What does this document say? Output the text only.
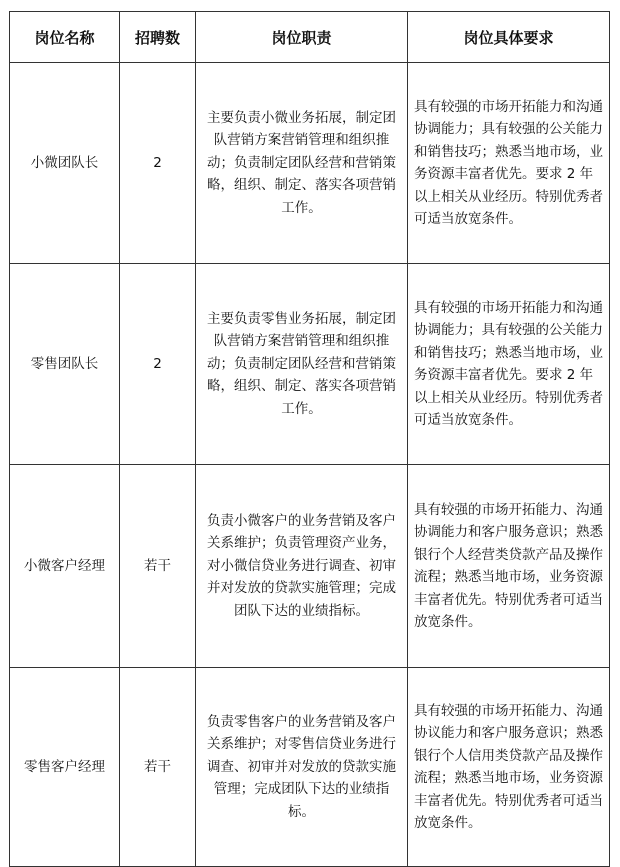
岗位名称	招聘数	岗位职责	岗位具体要求
小微团队长	2	主要负责小微业务拓展，制定团队营销方案营销管理和组织推动；负责制定团队经营和营销策略，组织、制定、落实各项营销工作。	具有较强的市场开拓能力和沟通协调能力；具有较强的公关能力和销售技巧；熟悉当地市场，业务资源丰富者优先。要求 2 年以上相关从业经历。特别优秀者可适当放宽条件。
零售团队长	2	主要负责零售业务拓展，制定团队营销方案营销管理和组织推动；负责制定团队经营和营销策略，组织、制定、落实各项营销工作。	具有较强的市场开拓能力和沟通协调能力；具有较强的公关能力和销售技巧；熟悉当地市场，业务资源丰富者优先。要求 2 年以上相关从业经历。特别优秀者可适当放宽条件。
小微客户经理	若干	负责小微客户的业务营销及客户关系维护；负责管理资产业务，对小微信贷业务进行调查、初审并对发放的贷款实施管理；完成团队下达的业绩指标。	具有较强的市场开拓能力、沟通协调能力和客户服务意识；熟悉银行个人经营类贷款产品及操作流程；熟悉当地市场，业务资源丰富者优先。特别优秀者可适当放宽条件。
零售客户经理	若干	负责零售客户的业务营销及客户关系维护；对零售信贷业务进行调查、初审并对发放的贷款实施管理；完成团队下达的业绩指标。	具有较强的市场开拓能力、沟通协议能力和客户服务意识；熟悉银行个人信用类贷款产品及操作流程；熟悉当地市场，业务资源丰富者优先。特别优秀者可适当放宽条件。
